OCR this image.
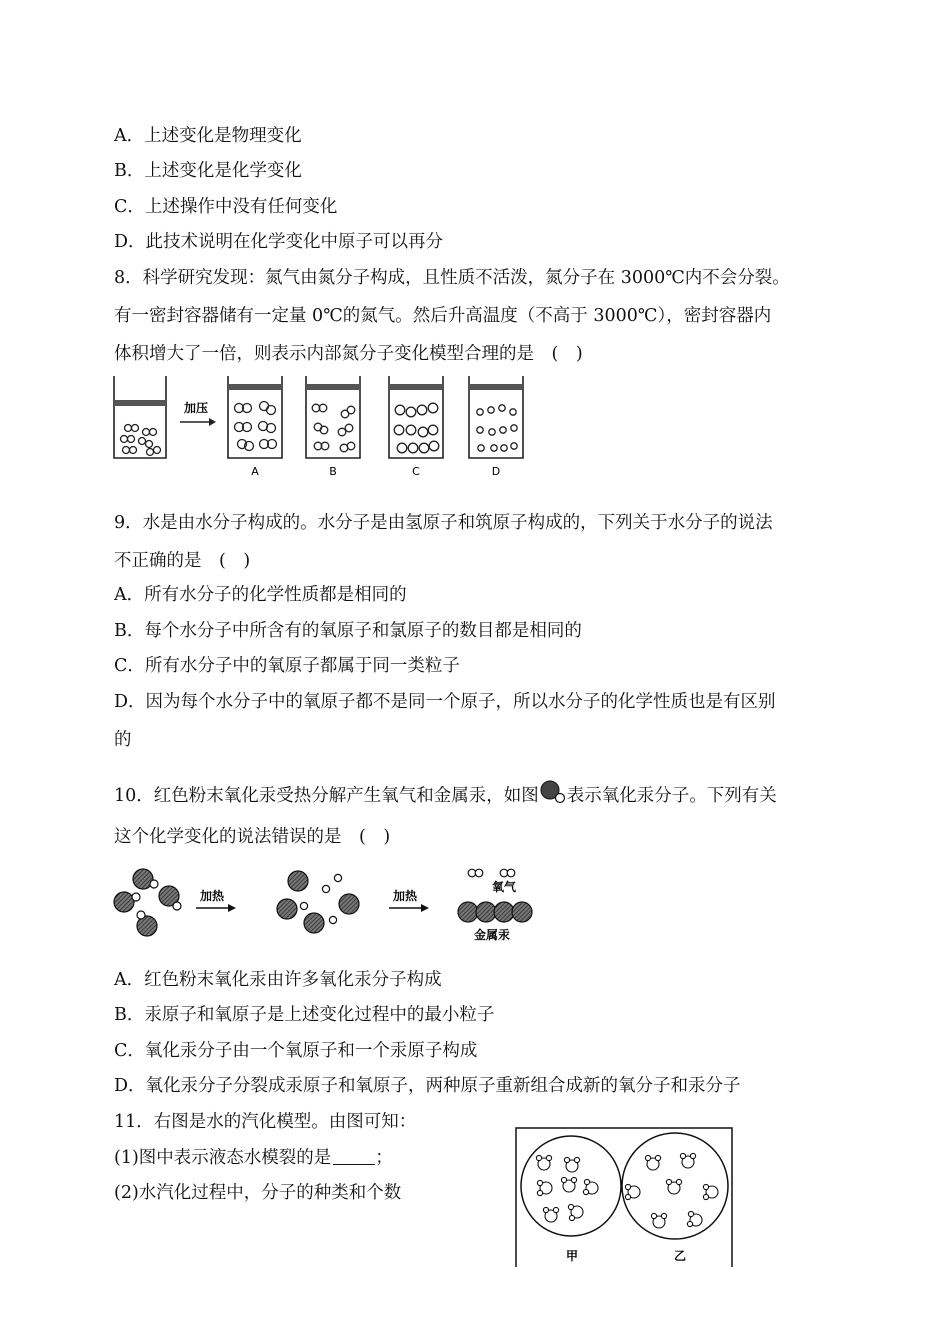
A．上述变化是物理变化
B．上述变化是化学变化
C．上述操作中没有任何变化
D．此技术说明在化学变化中原子可以再分
8．科学研究发现：氮气由氮分子构成，且性质不活泼，氮分子在 3000℃内不会分裂。
有一密封容器储有一定量 0℃的氮气。然后升高温度（不高于 3000℃），密封容器内
体积增大了一倍，则表示内部氮分子变化模型合理的是　(　)
加压
A	B	C	D
9．水是由水分子构成的。水分子是由氢原子和筑原子构成的，下列关于水分子的说法
不正确的是　(　)
A．所有水分子的化学性质都是相同的
B．每个水分子中所含有的氧原子和氯原子的数目都是相同的
C．所有水分子中的氧原子都属于同一类粒子
D．因为每个水分子中的氧原子都不是同一个原子，所以水分子的化学性质也是有区别
的
10．红色粉末氧化汞受热分解产生氧气和金属汞，如图 表示氧化汞分子。下列有关
这个化学变化的说法错误的是　(　)
加热	加热
氧气
金属汞
A．红色粉末氧化汞由许多氧化汞分子构成
B．汞原子和氧原子是上述变化过程中的最小粒子
C．氧化汞分子由一个氧原子和一个汞原子构成
D．氧化汞分子分裂成汞原子和氧原子，两种原子重新组合成新的氧分子和汞分子
11．右图是水的汽化模型。由图可知：
(1)图中表示液态水模裂的是	；
(2)水汽化过程中，分子的种类和个数
甲	乙
